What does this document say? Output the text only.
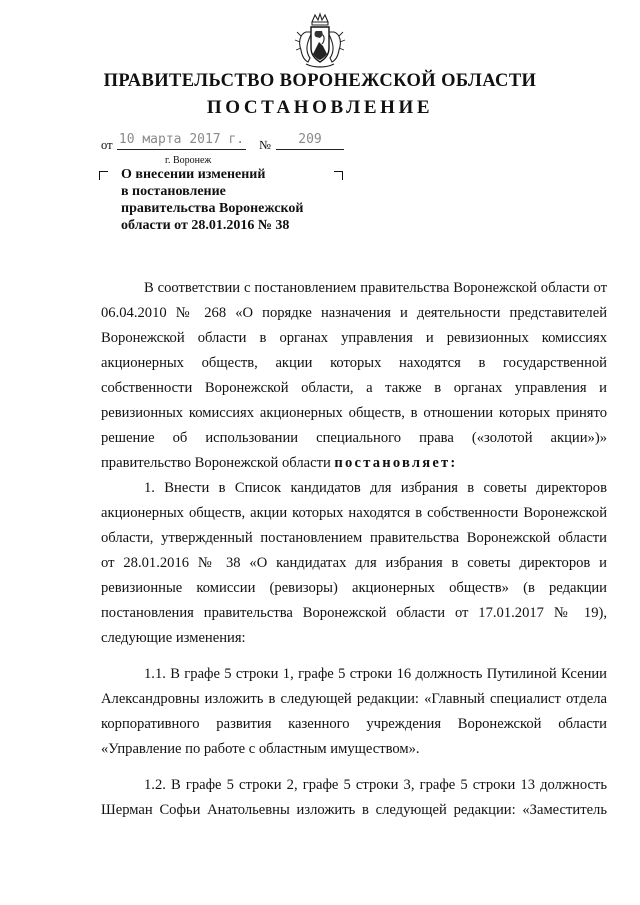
ПРАВИТЕЛЬСТВО ВОРОНЕЖСКОЙ ОБЛАСТИ
ПОСТАНОВЛЕНИЕ
от 10 марта 2017 г. №	209
г. Воронеж
О внесении изменений
в постановление
правительства Воронежской
области от 28.01.2016 № 38
В соответствии с постановлением правительства Воронежской области от
06.04.2010 № 268 «О порядке назначения и деятельности представителей
Воронежской области в органах управления и ревизионных комиссиях
акционерных обществ, акции которых находятся в государственной
собственности Воронежской области, а также в органах управления и
ревизионных комиссиях акционерных обществ, в отношении которых принято
решение об использовании специального права («золотой акции»)»
правительство Воронежской области постановляет:
1. Внести в Список кандидатов для избрания в советы директоров
акционерных обществ, акции которых находятся в собственности Воронежской
области, утвержденный постановлением правительства Воронежской области
от 28.01.2016 № 38 «О кандидатах для избрания в советы директоров и
ревизионные комиссии (ревизоры) акционерных обществ» (в редакции
постановления правительства Воронежской области от 17.01.2017 № 19),
следующие изменения:
1.1. В графе 5 строки 1, графе 5 строки 16 должность Путилиной Ксении
Александровны изложить в следующей редакции: «Главный специалист отдела
корпоративного развития казенного учреждения Воронежской области
«Управление по работе с областным имуществом».
1.2. В графе 5 строки 2, графе 5 строки 3, графе 5 строки 13 должность
Шерман Софьи Анатольевны изложить в следующей редакции: «Заместитель
